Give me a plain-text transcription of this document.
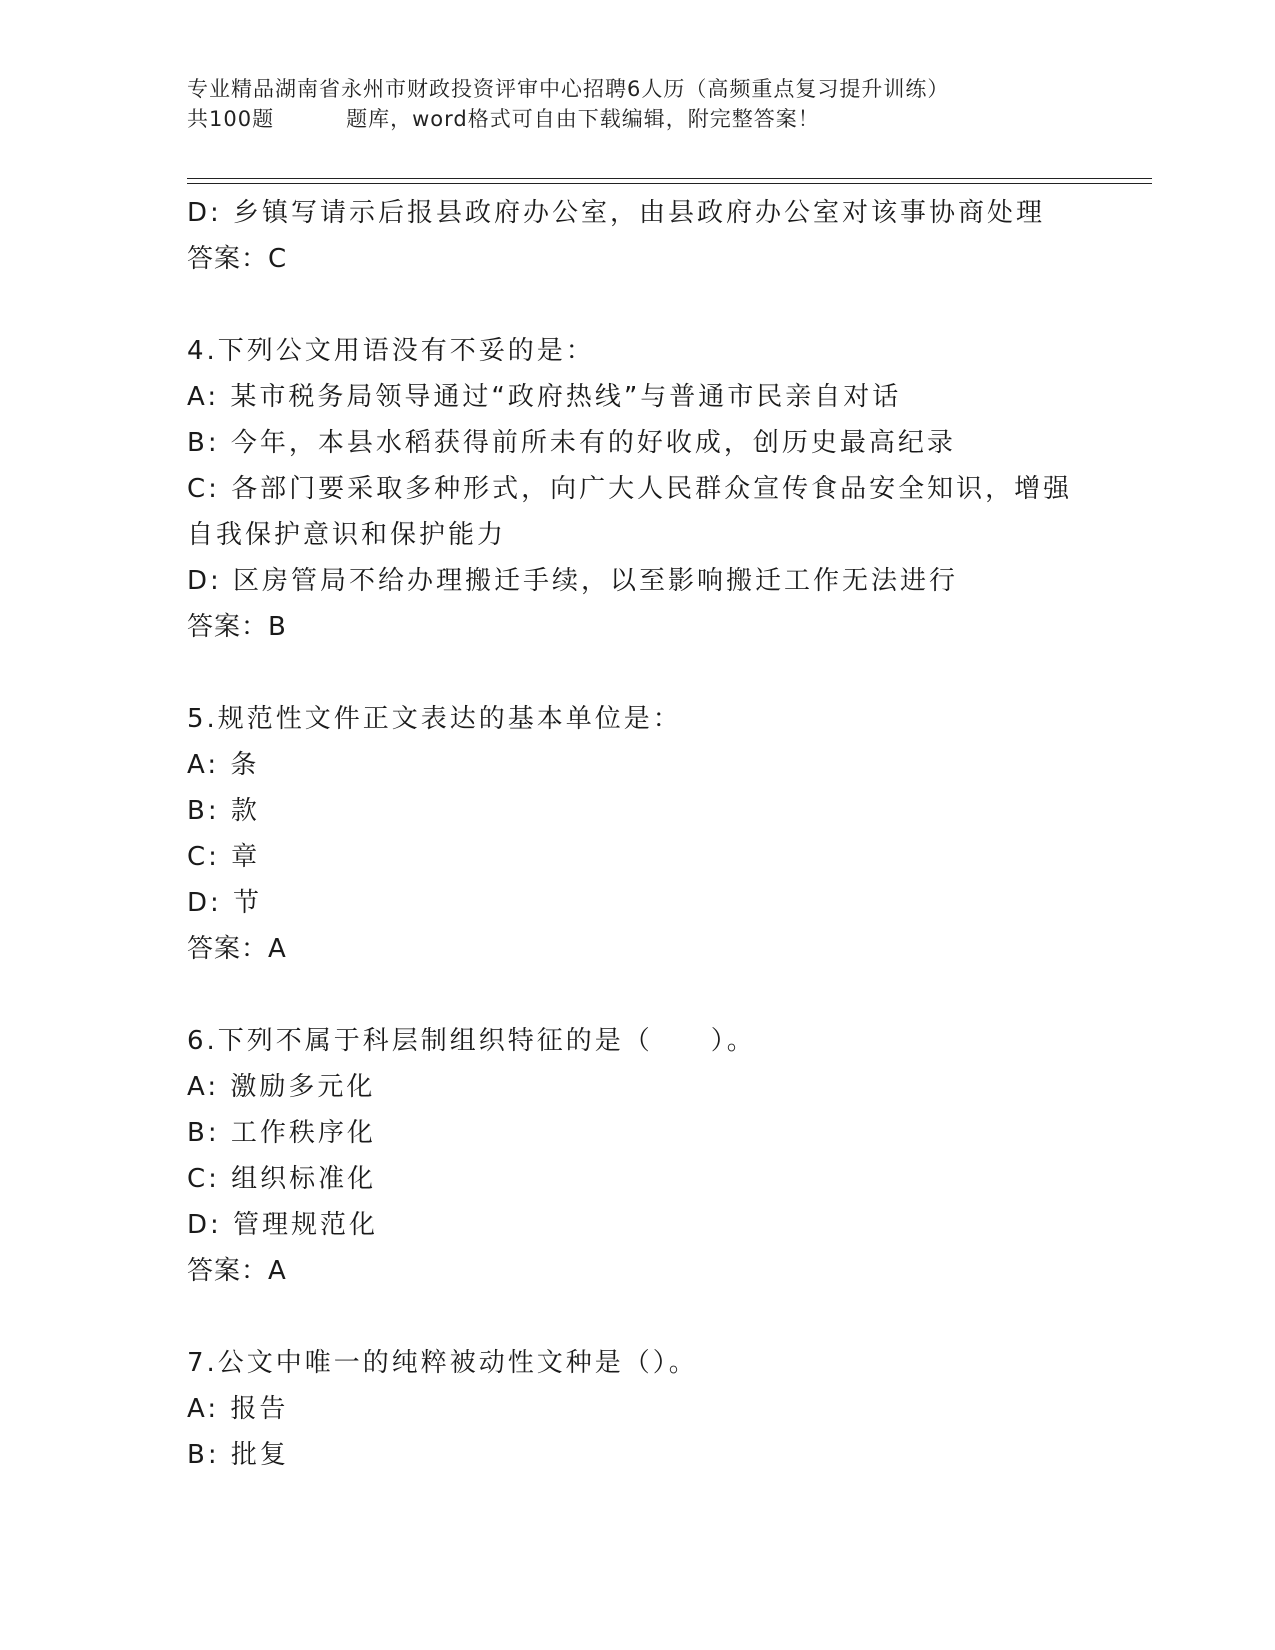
专业精品湖南省永州市财政投资评审中心招聘6人历（高频重点复习提升训练）
共100题	题库，word格式可自由下载编辑，附完整答案！
D: 乡镇写请示后报县政府办公室，由县政府办公室对该事协商处理
答案：C
4.下列公文用语没有不妥的是：
A: 某市税务局领导通过“政府热线”与普通市民亲自对话
B: 今年，本县水稻获得前所未有的好收成，创历史最高纪录
C: 各部门要采取多种形式，向广大人民群众宣传食品安全知识，增强
自我保护意识和保护能力
D: 区房管局不给办理搬迁手续，以至影响搬迁工作无法进行
答案：B
5.规范性文件正文表达的基本单位是：
A: 条
B: 款
C: 章
D: 节
答案：A
6.下列不属于科层制组织特征的是（　　）。
A: 激励多元化
B: 工作秩序化
C: 组织标准化
D: 管理规范化
答案：A
7.公文中唯一的纯粹被动性文种是（）。
A: 报告
B: 批复
